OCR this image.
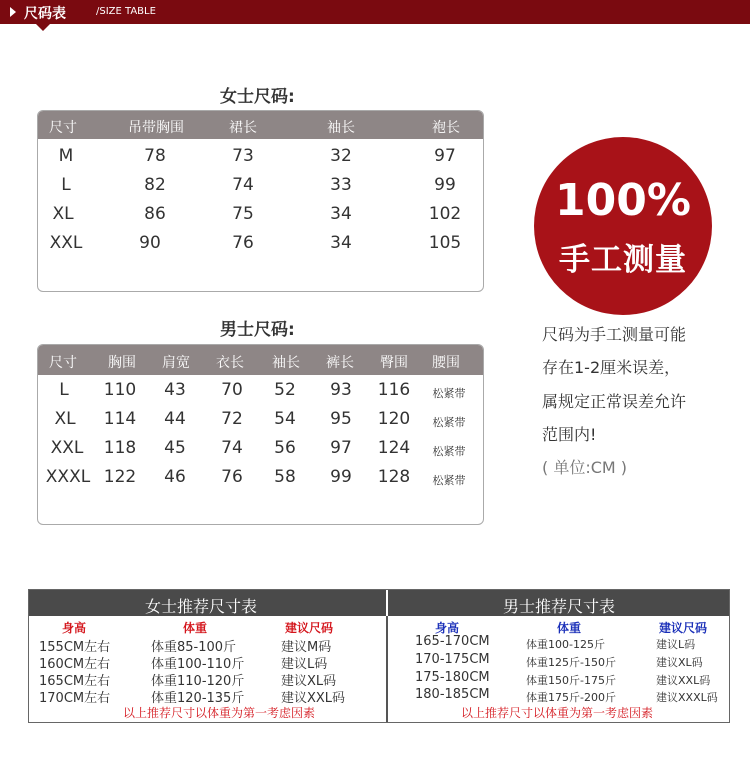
尺码表	/SIZE TABLE
女士尺码:
尺寸	吊带胸围	裙长	袖长	袍长
M	78	73	32	97
L	82	74	33	99
XL	86	75	34	102
XXL	90	76	34	105
男士尺码:
尺寸 胸围 肩宽 衣长 袖长 裤长 臀围 腰围
L 110 43 70 52 93 116 松紧带
XL 114 44 72 54 95 120 松紧带
XXL 118 45 74 56 97 124 松紧带
XXXL 122 46 76 58 99 128 松紧带
100%
手工测量
尺码为手工测量可能
存在1-2厘米误差，
属规定正常误差允许
范围内!
( 单位:CM )
女士推荐尺寸表	男士推荐尺寸表
身高	体重	建议尺码
155CM左右	体重85-100斤	建议M码
160CM左右	体重100-110斤	建议L码
165CM左右	体重110-120斤	建议XL码
170CM左右	体重120-135斤	建议XXL码
以上推荐尺寸以体重为第一考虑因素
身高	体重	建议尺码
165-170CM	体重100-125斤	建议L码
170-175CM	体重125斤-150斤	建议XL码
175-180CM	体重150斤-175斤	建议XXL码
180-185CM	体重175斤-200斤	建议XXXL码
以上推荐尺寸以体重为第一考虑因素
